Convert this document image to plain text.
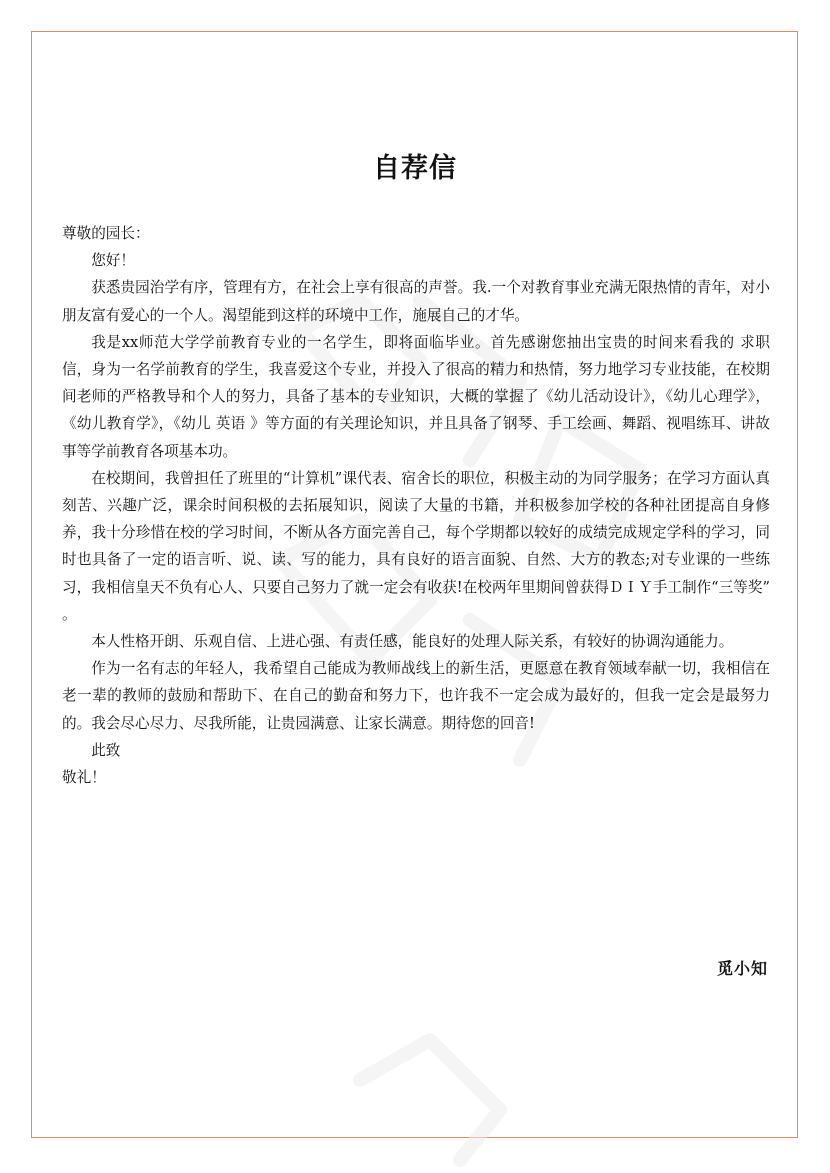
自荐信

尊敬的园长：

您好！

获悉贵园治学有序，管理有方，在社会上享有很高的声誉。我.一个对教育事业充满无限热情的青年，对小朋友富有爱心的一个人。渴望能到这样的环境中工作，施展自己的才华。

我是xx师范大学学前教育专业的一名学生，即将面临毕业。首先感谢您抽出宝贵的时间来看我的 求职 信，身为一名学前教育的学生，我喜爱这个专业，并投入了很高的精力和热情，努力地学习专业技能，在校期间老师的严格教导和个人的努力，具备了基本的专业知识，大概的掌握了《幼儿活动设计》，《幼儿心理学》，《幼儿教育学》，《幼儿 英语 》等方面的有关理论知识，并且具备了钢琴、手工绘画、舞蹈、视唱练耳、讲故事等学前教育各项基本功。

在校期间，我曾担任了班里的“计算机”课代表、宿舍长的职位，积极主动的为同学服务；在学习方面认真刻苦、兴趣广泛，课余时间积极的去拓展知识，阅读了大量的书籍，并积极参加学校的各种社团提高自身修养，我十分珍惜在校的学习时间，不断从各方面完善自己，每个学期都以较好的成绩完成规定学科的学习，同时也具备了一定的语言听、说、读、写的能力，具有良好的语言面貌、自然、大方的教态;对专业课的一些练习，我相信皇天不负有心人、只要自己努力了就一定会有收获!在校两年里期间曾获得ＤＩＹ手工制作“三等奖” 。

本人性格开朗、乐观自信、上进心强、有责任感，能良好的处理人际关系，有较好的协调沟通能力。

作为一名有志的年轻人，我希望自己能成为教师战线上的新生活，更愿意在教育领域奉献一切，我相信在老一辈的教师的鼓励和帮助下、在自己的勤奋和努力下，也许我不一定会成为最好的，但我一定会是最努力的。我会尽心尽力、尽我所能，让贵园满意、让家长满意。期待您的回音!

此致

敬礼！

觅小知
